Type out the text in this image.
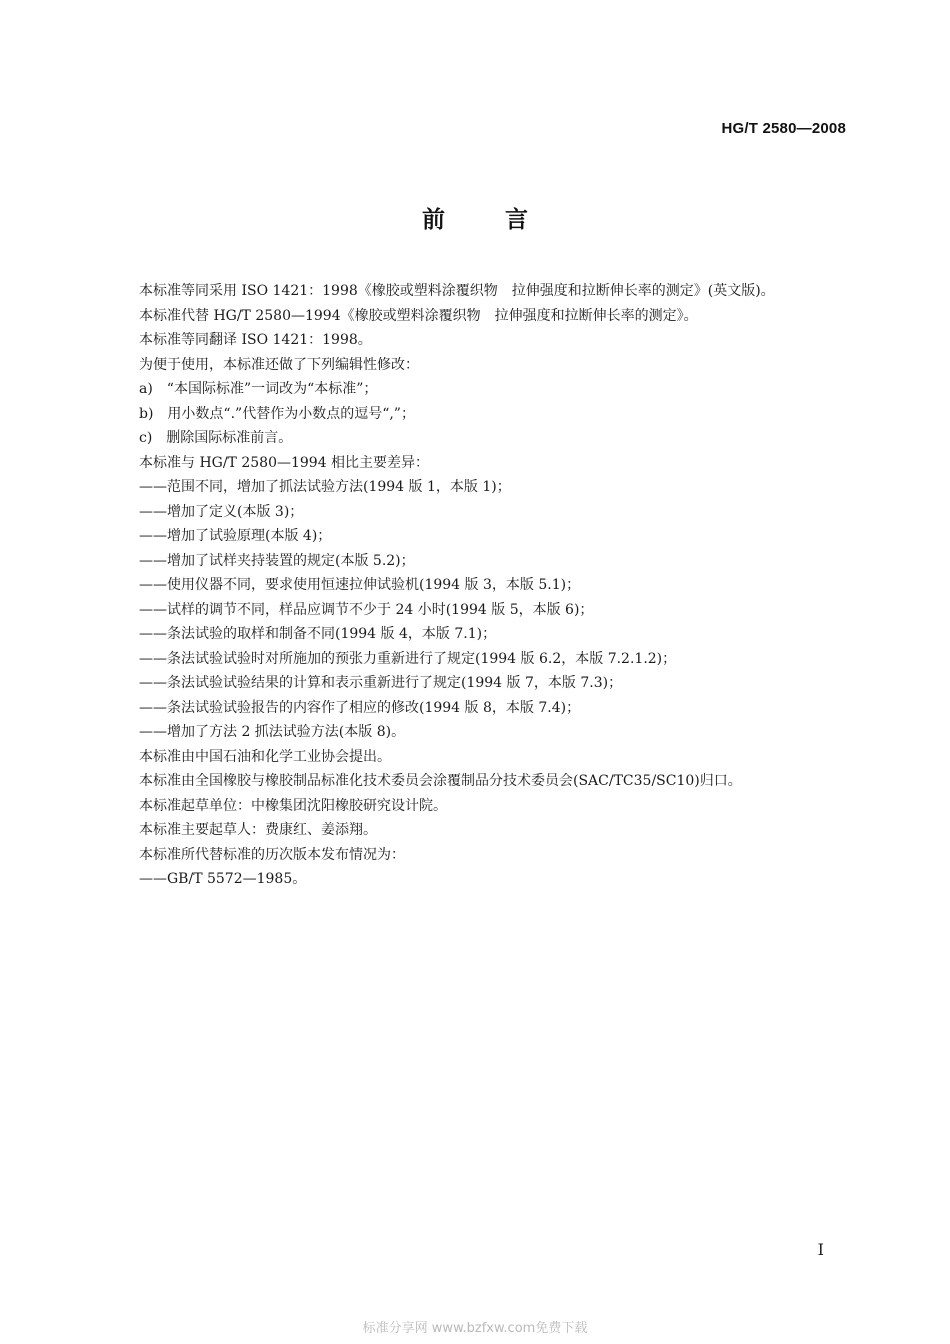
HG/T 2580—2008
前	言

本标准等同采用 ISO 1421：1998《橡胶或塑料涂覆织物　拉伸强度和拉断伸长率的测定》(英文版)。

本标准代替 HG/T 2580—1994《橡胶或塑料涂覆织物　拉伸强度和拉断伸长率的测定》。

本标准等同翻译 ISO 1421：1998。

为便于使用，本标准还做了下列编辑性修改：

a)　“本国际标准”一词改为“本标准”；
b)　用小数点“.”代替作为小数点的逗号“,”；
c)　删除国际标准前言。

本标准与 HG/T 2580—1994 相比主要差异：

——范围不同，增加了抓法试验方法(1994 版 1，本版 1)；
——增加了定义(本版 3)；
——增加了试验原理(本版 4)；
——增加了试样夹持装置的规定(本版 5.2)；
——使用仪器不同，要求使用恒速拉伸试验机(1994 版 3，本版 5.1)；
——试样的调节不同，样品应调节不少于 24 小时(1994 版 5，本版 6)；
——条法试验的取样和制备不同(1994 版 4，本版 7.1)；
——条法试验试验时对所施加的预张力重新进行了规定(1994 版 6.2，本版 7.2.1.2)；
——条法试验试验结果的计算和表示重新进行了规定(1994 版 7，本版 7.3)；
——条法试验试验报告的内容作了相应的修改(1994 版 8，本版 7.4)；
——增加了方法 2 抓法试验方法(本版 8)。

本标准由中国石油和化学工业协会提出。

本标准由全国橡胶与橡胶制品标准化技术委员会涂覆制品分技术委员会(SAC/TC35/SC10)归口。

本标准起草单位：中橡集团沈阳橡胶研究设计院。

本标准主要起草人：费康红、姜添翔。

本标准所代替标准的历次版本发布情况为：

——GB/T 5572—1985。
I
标准分享网 www.bzfxw.com免费下载
